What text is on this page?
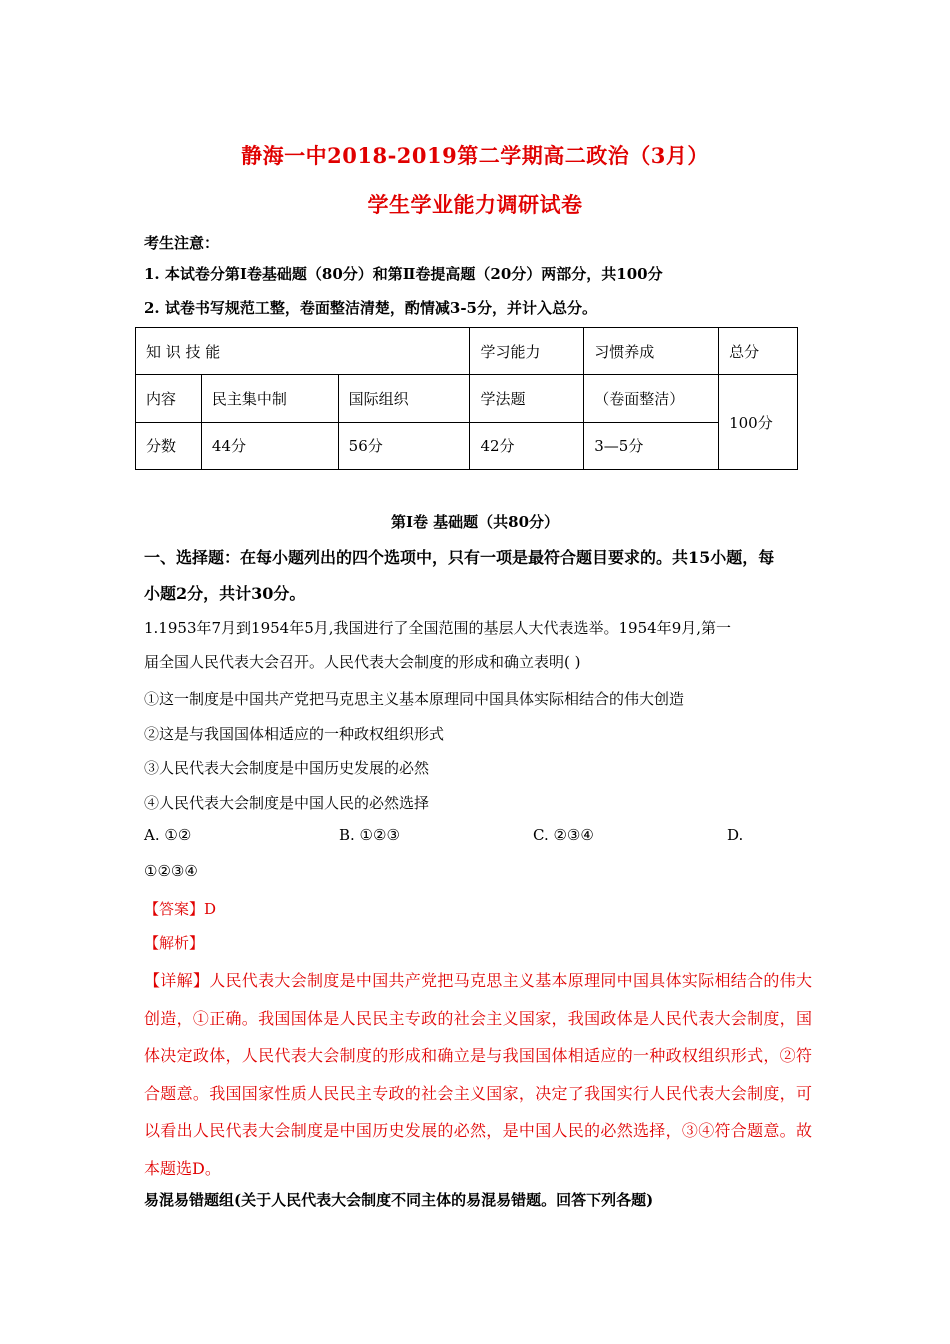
静海一中2018-2019第二学期高二政治（3月）
学生学业能力调研试卷
考生注意：
1. 本试卷分第Ⅰ卷基础题（80分）和第Ⅱ卷提高题（20分）两部分，共100分
2. 试卷书写规范工整，卷面整洁清楚，酌情减3-5分，并计入总分。
知 识 技 能			学习能力	习惯养成	总分
内容	民主集中制	国际组织	学法题	（卷面整洁）	100分
分数	44分	56分	42分	3—5分	
第Ⅰ卷 基础题（共80分）
一、选择题：在每小题列出的四个选项中，只有一项是最符合题目要求的。共15小题，每
小题2分，共计30分。
1.1953年7月到1954年5月,我国进行了全国范围的基层人大代表选举。1954年9月,第一
届全国人民代表大会召开。人民代表大会制度的形成和确立表明( )
①这一制度是中国共产党把马克思主义基本原理同中国具体实际相结合的伟大创造
②这是与我国国体相适应的一种政权组织形式
③人民代表大会制度是中国历史发展的必然
④人民代表大会制度是中国人民的必然选择
A. ①②	B. ①②③	C. ②③④	D.
①②③④
【答案】D
【解析】
【详解】人民代表大会制度是中国共产党把马克思主义基本原理同中国具体实际相结合的伟大创造，①正确。我国国体是人民民主专政的社会主义国家，我国政体是人民代表大会制度，国体决定政体，人民代表大会制度的形成和确立是与我国国体相适应的一种政权组织形式，②符合题意。我国国家性质人民民主专政的社会主义国家，决定了我国实行人民代表大会制度，可以看出人民代表大会制度是中国历史发展的必然，是中国人民的必然选择，③④符合题意。故本题选D。
易混易错题组(关于人民代表大会制度不同主体的易混易错题。回答下列各题)
